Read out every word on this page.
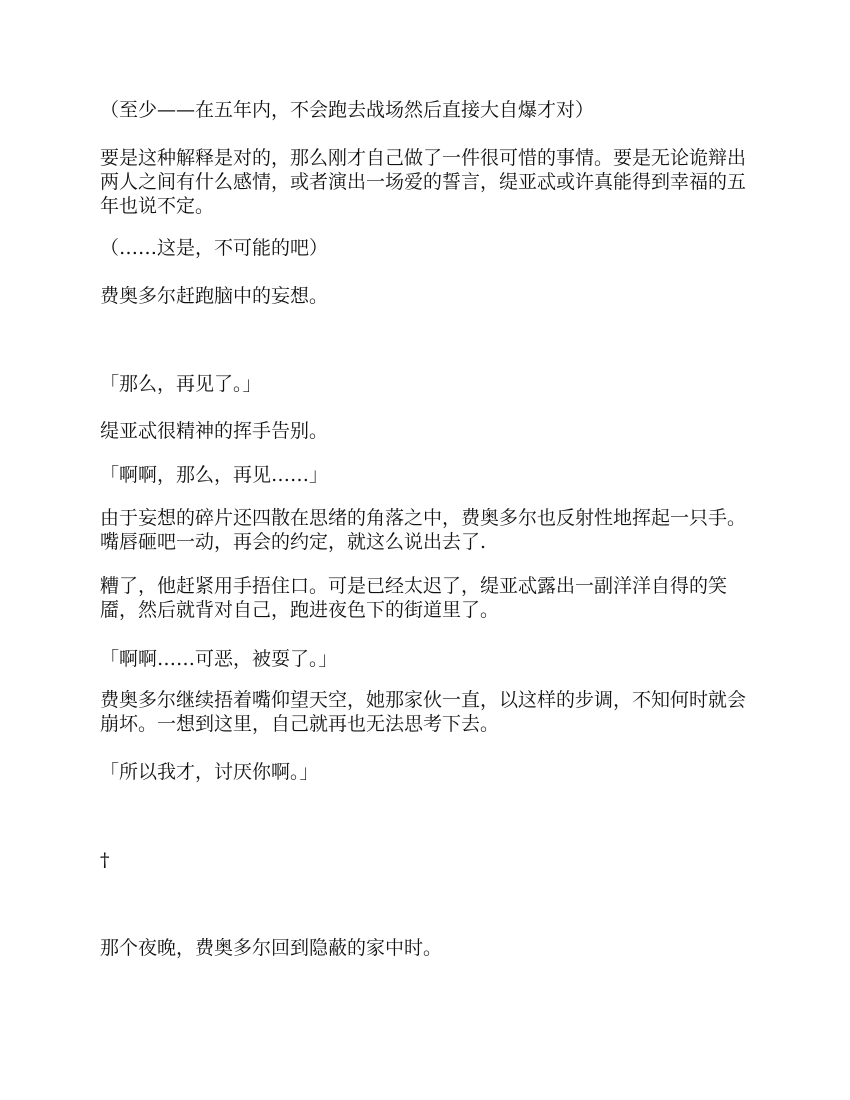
（至少——在五年内，不会跑去战场然后直接大自爆才对）

要是这种解释是对的，那么刚才自己做了一件很可惜的事情。要是无论诡辩出两人之间有什么感情，或者演出一场爱的誓言，缇亚忒或许真能得到幸福的五年也说不定。

（……这是，不可能的吧）

费奥多尔赶跑脑中的妄想。

「那么，再见了。」

缇亚忒很精神的挥手告别。

「啊啊，那么，再见……」

由于妄想的碎片还四散在思绪的角落之中，费奥多尔也反射性地挥起一只手。嘴唇砸吧一动，再会的约定，就这么说出去了.

糟了，他赶紧用手捂住口。可是已经太迟了，缇亚忒露出一副洋洋自得的笑靥，然后就背对自己，跑进夜色下的街道里了。

「啊啊……可恶，被耍了。」

费奥多尔继续捂着嘴仰望天空，她那家伙一直，以这样的步调，不知何时就会崩坏。一想到这里，自己就再也无法思考下去。

「所以我才，讨厌你啊。」

†

那个夜晚，费奥多尔回到隐蔽的家中时。
